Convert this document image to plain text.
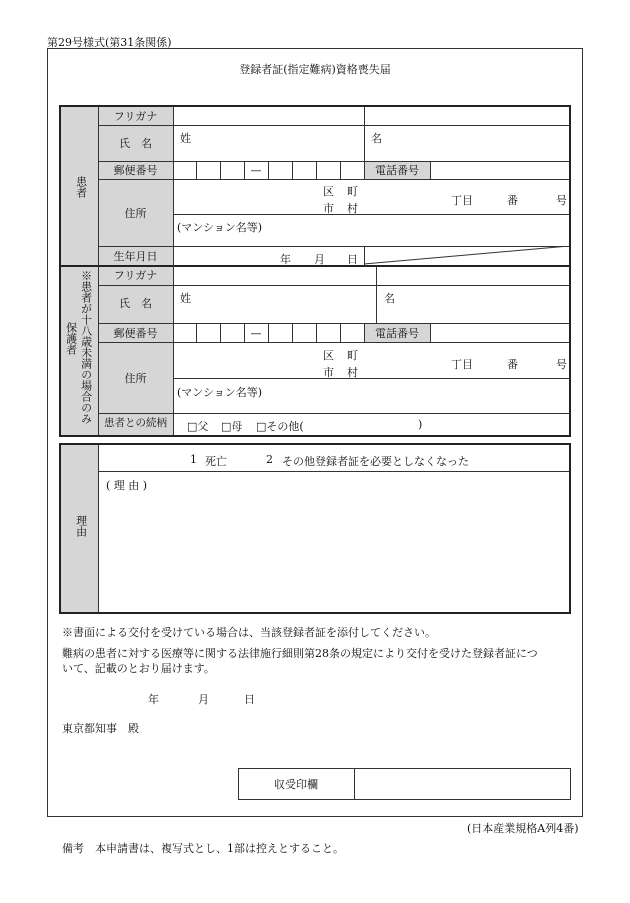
第29号様式(第31条関係)
登録者証(指定難病)資格喪失届
患者
フリガナ
氏　名	姓	名
郵便番号	—	電話番号
住所
区 町
市 村
丁目	番	号
(マンション名等)
生年月日	年 月 日
※患者が十八歳未満の場合のみ
保護者
フリガナ
氏　名	姓	名
郵便番号	—	電話番号
住所
区 町
市 村
丁目	番	号
(マンション名等)
患者との続柄	□父 □母 □その他(	)
理由
1 死亡	2 その他登録者証を必要としなくなった
( 理 由 )
※書面による交付を受けている場合は、当該登録者証を添付してください。
難病の患者に対する医療等に関する法律施行細則第28条の規定により交付を受けた登録者証につ
いて、記載のとおり届けます。
年	月	日
東京都知事　殿
収受印欄
(日本産業規格A列4番)
備考　本申請書は、複写式とし、1部は控えとすること。
